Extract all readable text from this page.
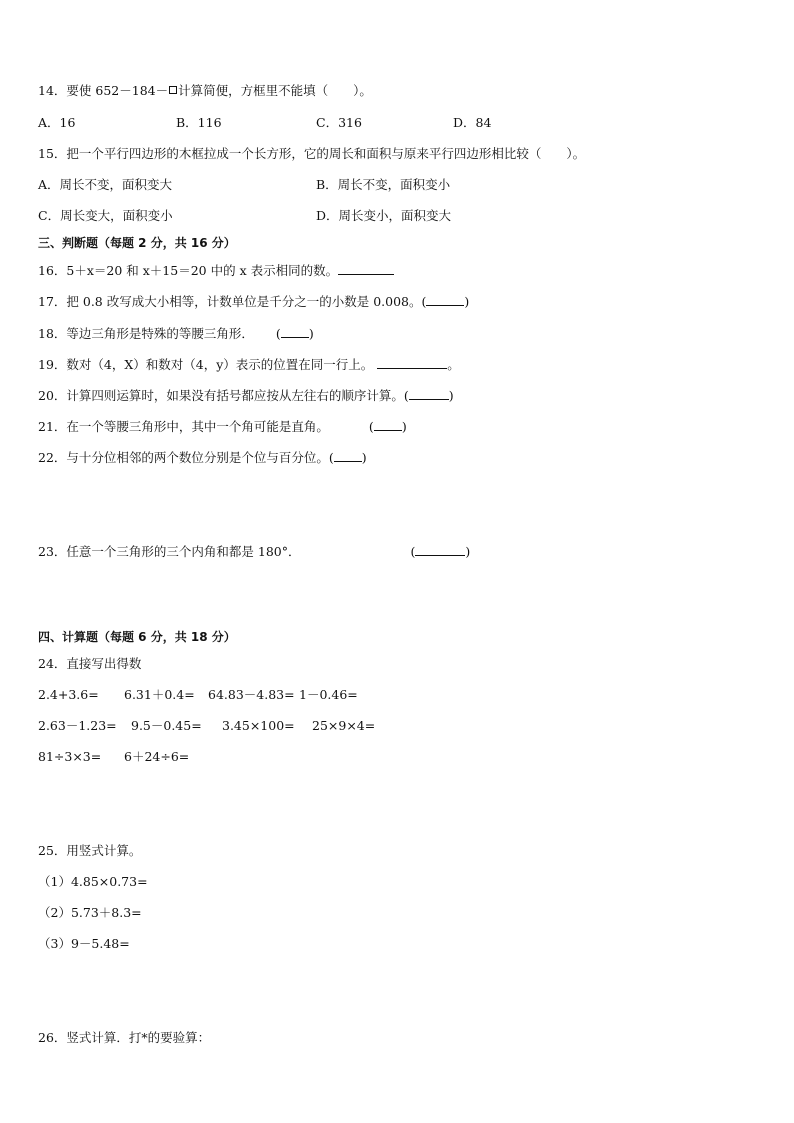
14．要使 652－184－ 计算简便，方框里不能填（　　）。
A．16	B．116	C．316	D．84
15．把一个平行四边形的木框拉成一个长方形，它的周长和面积与原来平行四边形相比较（　　）。
A．周长不变，面积变大	B．周长不变，面积变小
C．周长变大，面积变小	D．周长变小，面积变大
三、判断题（每题 2 分，共 16 分）
16．5＋x＝20 和 x＋15＝20 中的 x 表示相同的数。
17．把 0.8 改写成大小相等，计数单位是千分之一的小数是 0.008。(	)
18．等边三角形是特殊的等腰三角形． ( )
19．数对（4，X）和数对（4，y）表示的位置在同一行上。	。
20．计算四则运算时，如果没有括号都应按从左往右的顺序计算。(	)
21．在一个等腰三角形中，其中一个角可能是直角。	( )
22．与十分位相邻的两个数位分别是个位与百分位。( )
23．任意一个三角形的三个内角和都是 180°．	(	)
四、计算题（每题 6 分，共 18 分）
24．直接写出得数
2.4+3.6= 6.31＋0.4= 64.83－4.83= 1－0.46=
2.63－1.23= 9.5－0.45= 3.45×100= 25×9×4=
81÷3×3= 6＋24÷6=
25．用竖式计算。
（1）4.85×0.73=
（2）5.73＋8.3=
（3）9－5.48=
26．竖式计算．打*的要验算：
